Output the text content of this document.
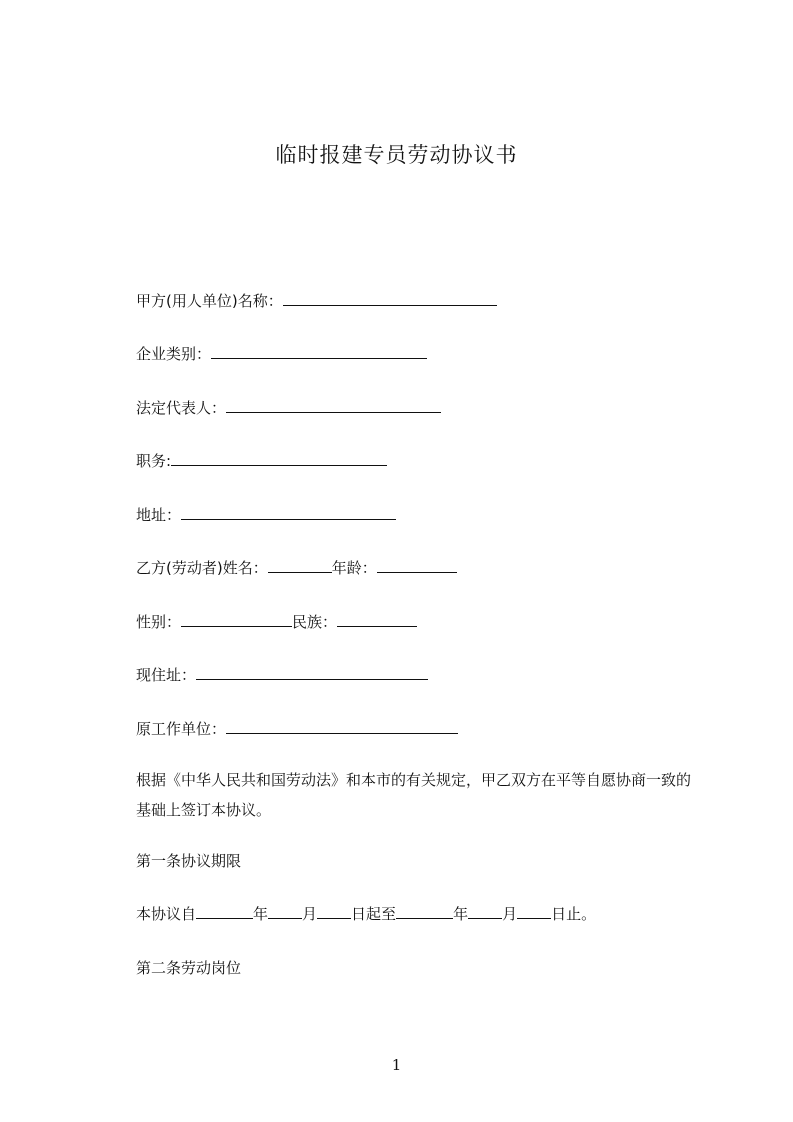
临时报建专员劳动协议书
甲方(用人单位)名称：
企业类别：
法定代表人：
职务:
地址：
乙方(劳动者)姓名：	年龄：
性别：	民族：
现住址：
原工作单位：
根据《中华人民共和国劳动法》和本市的有关规定，甲乙双方在平等自愿协商一致的基础上签订本协议。
第一条协议期限
本协议自	年 月 日起至	年 月 日止。
第二条劳动岗位
1
